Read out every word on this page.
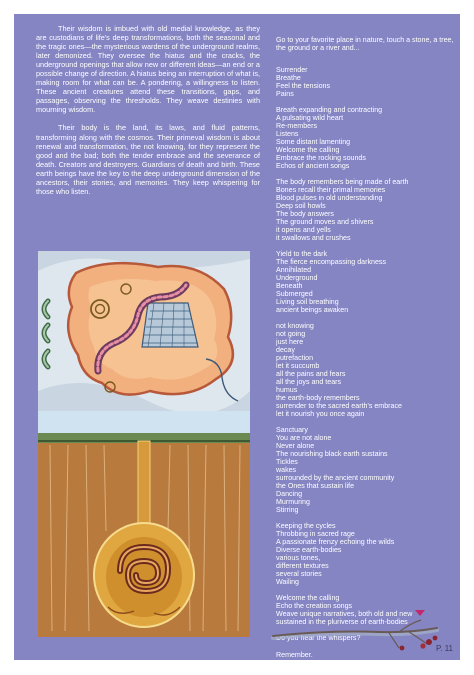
Their wisdom is imbued with old medial knowledge, as they are custodians of life's deep transformations, both the seasonal and the tragic ones—the mysterious wardens of the underground realms, later demonized. They oversee the hiatus and the cracks, the underground openings that allow new or different ideas—an end or a possible change of direction. A hiatus being an interruption of what is, making room for what can be. A pondering, a willingness to listen. These ancient creatures attend these transitions, gaps, and passages, observing the thresholds. They weave destinies with mourning wisdom.

Their body is the land, its laws, and fluid patterns, transforming along with the cosmos. Their primeval wisdom is about renewal and transformation, the not knowing, for they represent the good and the bad; both the tender embrace and the severance of death. Creators and destroyers. Guardians of death and birth. These earth beings have the key to the deep underground dimension of the ancestors, their stories, and memories. They keep whispering for those who listen.

Go to your favorite place in nature, touch a stone, a tree, the ground or a river and...

Surrender
Breathe
Feel the tensions
Pains
Breath expanding and contracting
A pulsating wild heart
Re-members
Listens
Some distant lamenting
Welcome the calling
Embrace the rocking sounds
Echos of ancient songs
The body remembers being made of earth
Bones recall their primal memories
Blood pulses in old understanding
Deep soil howls
The body answers
The ground moves and shivers
it opens and yells
it swallows and crushes
Yield to the dark
The fierce encompassing darkness
Annihilated
Underground
Beneath
Submerged
Living soil breathing
ancient beings awaken
not knowing
not going
just here
decay
putrefaction
let it succumb
all the pains and fears
all the joys and tears
humus
the earth-body remembers
surrender to the sacred earth's embrace
let it nourish you once again
Sanctuary
You are not alone
Never alone
The nourishing black earth sustains
Tickles
wakes
surrounded by the ancient community
the Ones that sustain life
Dancing
Murmuring
Stirring
Keeping the cycles
Throbbing in sacred rage
A passionate frenzy echoing the wilds
Diverse earth-bodies
various tones,
different textures
several stories
Wailing
Welcome the calling
Echo the creation songs
Weave unique narratives, both old and new
sustained in the pluriverse of earth-bodies

Do you hear the whispers?

Remember.

P. 11
